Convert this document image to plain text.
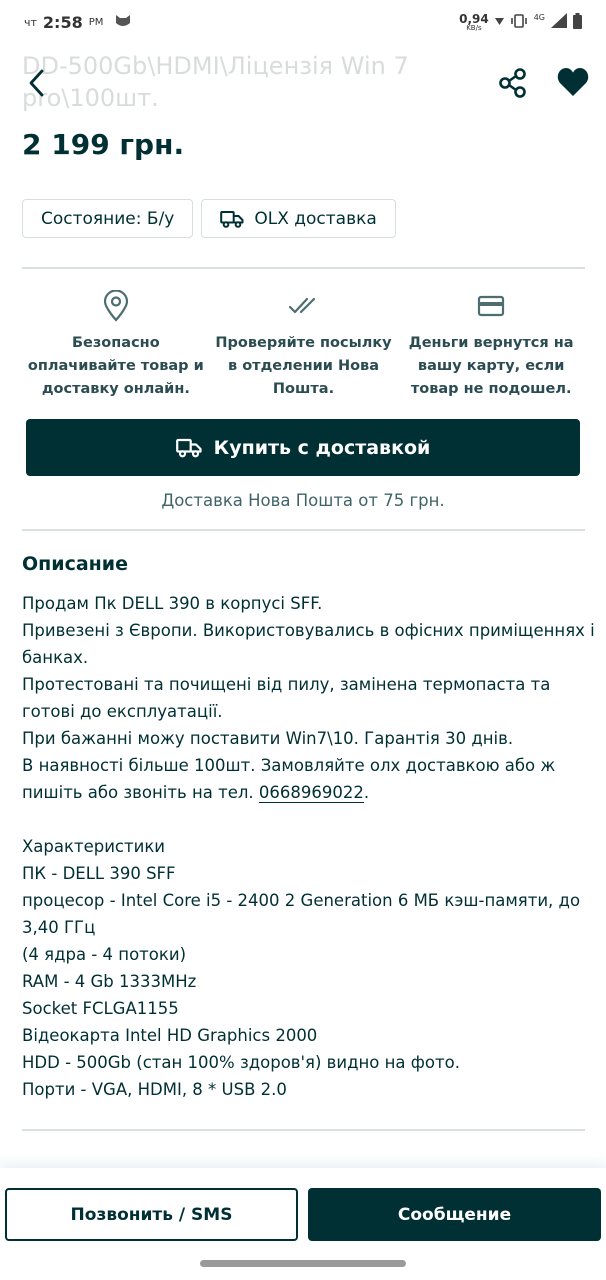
чт 2:58 PM	0,94
KB/s
4G
DD-500Gb\HDMI\Ліцензія Win 7 pro\100шт.
2 199 грн.
Состояние: Б/у	OLX доставка
Безопасно оплачивайте товар и доставку онлайн.
Проверяйте посылку в отделении Нова Пошта.
Деньги вернутся на вашу карту, если товар не подошел.
Купить с доставкой
Доставка Нова Пошта от 75 грн.
Описание
Продам Пк DELL 390 в корпусі SFF.
Привезені з Європи. Використовувались в офісних приміщеннях і
банках.
Протестовані та почищені від пилу, замінена термопаста та
готові до експлуатації.
При бажанні можу поставити Win7\10. Гарантія 30 днів.
В наявності більше 100шт. Замовляйте олх доставкою або ж
пишіть або звоніть на тел. 0668969022.
Характеристики
ПК - DELL 390 SFF
процесор - Intel Core i5 - 2400 2 Generation 6 МБ кэш-памяти, до
3,40 ГГц
(4 ядра - 4 потоки)
RAM - 4 Gb 1333MHz
Socket FCLGA1155
Відеокарта Intel HD Graphics 2000
HDD - 500Gb (стан 100% здоров'я) видно на фото.
Порти - VGA, HDMI, 8 * USB 2.0
Позвонить / SMS	Сообщение
